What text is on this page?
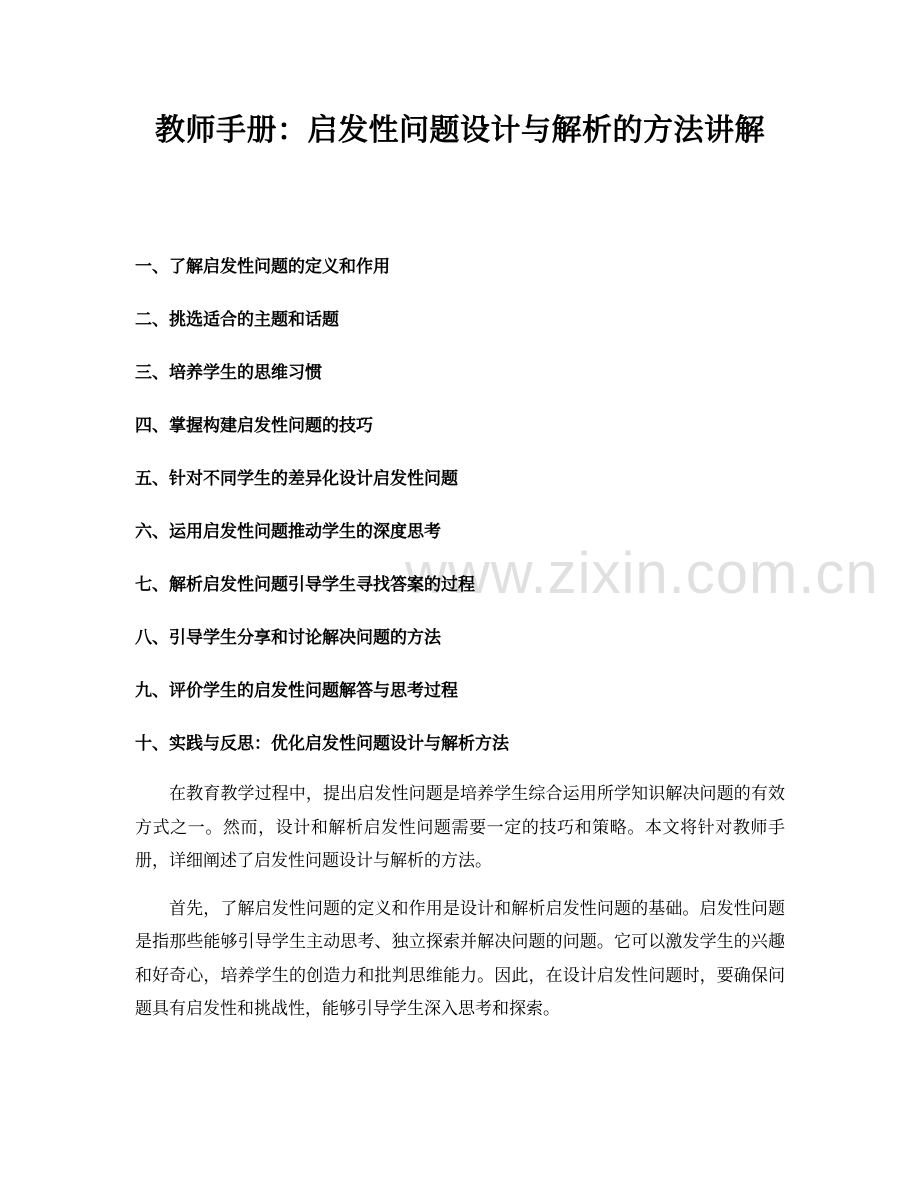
教师手册：启发性问题设计与解析的方法讲解
一、了解启发性问题的定义和作用
二、挑选适合的主题和话题
三、培养学生的思维习惯
四、掌握构建启发性问题的技巧
五、针对不同学生的差异化设计启发性问题
六、运用启发性问题推动学生的深度思考
七、解析启发性问题引导学生寻找答案的过程
八、引导学生分享和讨论解决问题的方法
九、评价学生的启发性问题解答与思考过程
十、实践与反思：优化启发性问题设计与解析方法

在教育教学过程中，提出启发性问题是培养学生综合运用所学知识解决问题的有效方式之一。然而，设计和解析启发性问题需要一定的技巧和策略。本文将针对教师手册，详细阐述了启发性问题设计与解析的方法。

首先，了解启发性问题的定义和作用是设计和解析启发性问题的基础。启发性问题是指那些能够引导学生主动思考、独立探索并解决问题的问题。它可以激发学生的兴趣和好奇心，培养学生的创造力和批判思维能力。因此，在设计启发性问题时，要确保问题具有启发性和挑战性，能够引导学生深入思考和探索。

www.zixin.com.cn
